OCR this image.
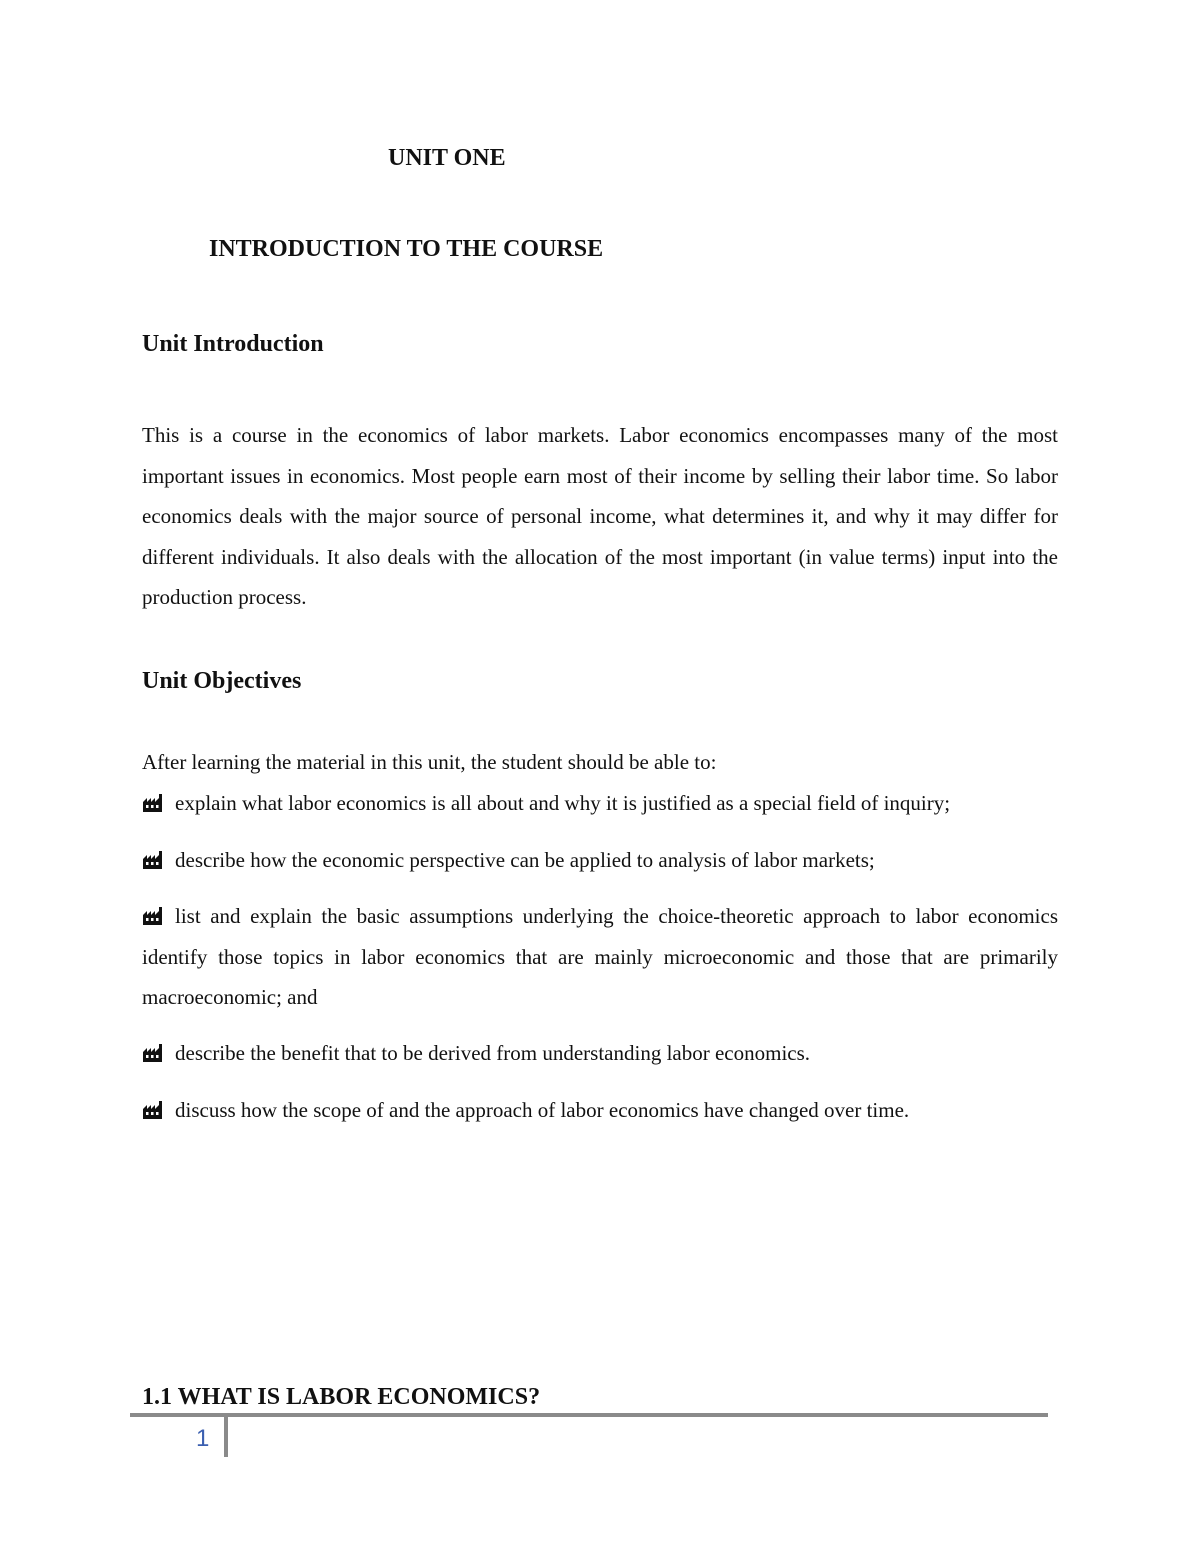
UNIT ONE
INTRODUCTION TO THE COURSE
Unit Introduction

This is a course in the economics of labor markets. Labor economics encompasses many of the most important issues in economics. Most people earn most of their income by selling their labor time. So labor economics deals with the major source of personal income, what determines it, and why it may differ for different individuals. It also deals with the allocation of the most important (in value terms) input into the production process.

Unit Objectives

After learning the material in this unit, the student should be able to:

explain what labor economics is all about and why it is justified as a special field of inquiry;
describe how the economic perspective can be applied to analysis of labor markets;
list and explain the basic assumptions underlying the choice-theoretic approach to labor economics identify those topics in labor economics that are mainly microeconomic and those that are primarily macroeconomic; and
describe the benefit that to be derived from understanding labor economics.
discuss how the scope of and the approach of labor economics have changed over time.
1.1 WHAT IS LABOR ECONOMICS?
1
